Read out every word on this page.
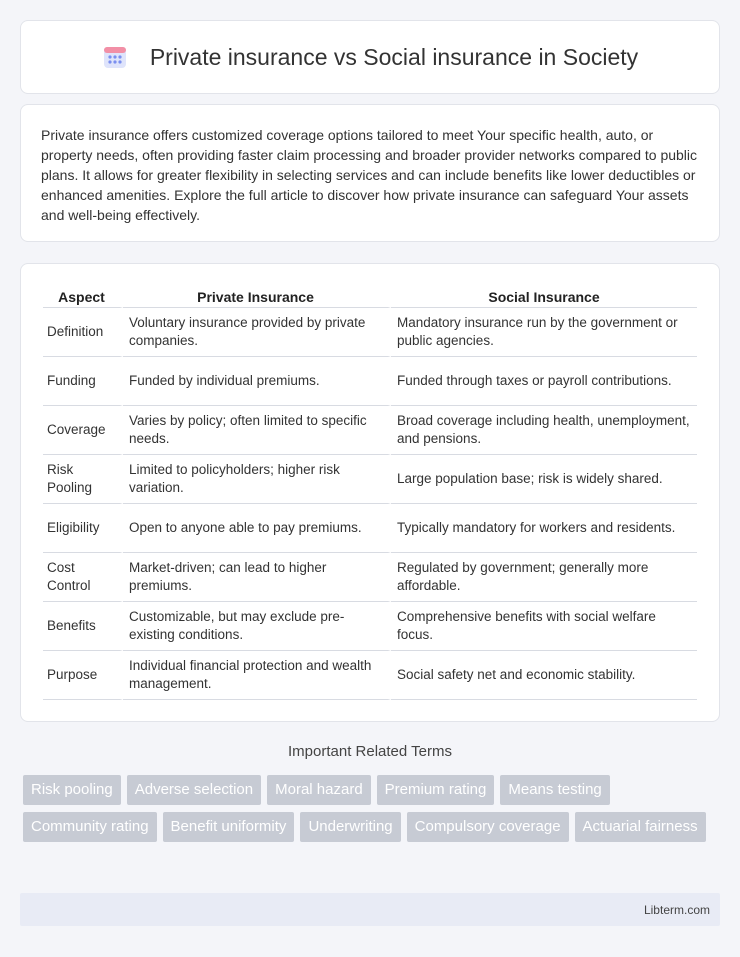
Private insurance vs Social insurance in Society

Private insurance offers customized coverage options tailored to meet Your specific health, auto, or property needs, often providing faster claim processing and broader provider networks compared to public plans. It allows for greater flexibility in selecting services and can include benefits like lower deductibles or enhanced amenities. Explore the full article to discover how private insurance can safeguard Your assets and well-being effectively.

Aspect	Private Insurance	Social Insurance
Definition	Voluntary insurance provided by private companies.	Mandatory insurance run by the government or public agencies.
Funding	Funded by individual premiums.	Funded through taxes or payroll contributions.
Coverage	Varies by policy; often limited to specific needs.	Broad coverage including health, unemployment, and pensions.
Risk Pooling	Limited to policyholders; higher risk variation.	Large population base; risk is widely shared.
Eligibility	Open to anyone able to pay premiums.	Typically mandatory for workers and residents.
Cost Control	Market-driven; can lead to higher premiums.	Regulated by government; generally more affordable.
Benefits	Customizable, but may exclude pre-existing conditions.	Comprehensive benefits with social welfare focus.
Purpose	Individual financial protection and wealth management.	Social safety net and economic stability.
Important Related Terms
Risk pooling	Adverse selection	Moral hazard	Premium rating	Means testing
Community rating	Benefit uniformity	Underwriting	Compulsory coverage	Actuarial fairness
Libterm.com
